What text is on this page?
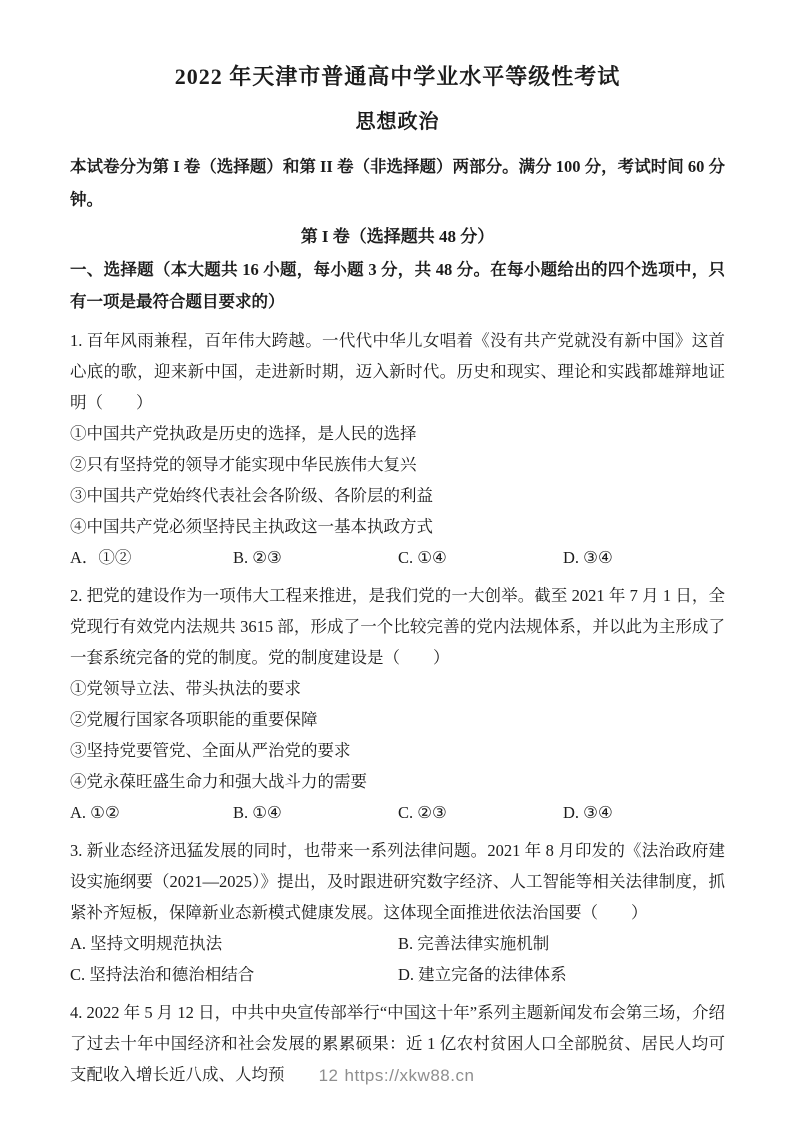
2022 年天津市普通高中学业水平等级性考试
思想政治

本试卷分为第 I 卷（选择题）和第 II 卷（非选择题）两部分。满分 100 分，考试时间 60 分钟。

第 I 卷（选择题共 48 分）

一、选择题（本大题共 16 小题，每小题 3 分，共 48 分。在每小题给出的四个选项中，只有一项是最符合题目要求的）

1. 百年风雨兼程，百年伟大跨越。一代代中华儿女唱着《没有共产党就没有新中国》这首心底的歌，迎来新中国，走进新时期，迈入新时代。历史和现实、理论和实践都雄辩地证明（　　）

①中国共产党执政是历史的选择，是人民的选择

②只有坚持党的领导才能实现中华民族伟大复兴

③中国共产党始终代表社会各阶级、各阶层的利益

④中国共产党必须坚持民主执政这一基本执政方式

A．①②	B. ②③	C. ①④	D. ③④

2. 把党的建设作为一项伟大工程来推进，是我们党的一大创举。截至 2021 年 7 月 1 日，全党现行有效党内法规共 3615 部，形成了一个比较完善的党内法规体系，并以此为主形成了一套系统完备的党的制度。党的制度建设是（　　）

①党领导立法、带头执法的要求

②党履行国家各项职能的重要保障

③坚持党要管党、全面从严治党的要求

④党永葆旺盛生命力和强大战斗力的需要

A. ①②	B. ①④	C. ②③	D. ③④

3. 新业态经济迅猛发展的同时，也带来一系列法律问题。2021 年 8 月印发的《法治政府建设实施纲要（2021—2025）》提出，及时跟进研究数字经济、人工智能等相关法律制度，抓紧补齐短板，保障新业态新模式健康发展。这体现全面推进依法治国要（　　）

A. 坚持文明规范执法	B. 完善法律实施机制
C. 坚持法治和德治相结合	D. 建立完备的法律体系

4. 2022 年 5 月 12 日，中共中央宣传部举行“中国这十年”系列主题新闻发布会第三场，介绍了过去十年中国经济和社会发展的累累硕果：近 1 亿农村贫困人口全部脱贫、居民人均可支配收入增长近八成、人均预	12 https://xkw88.cn
